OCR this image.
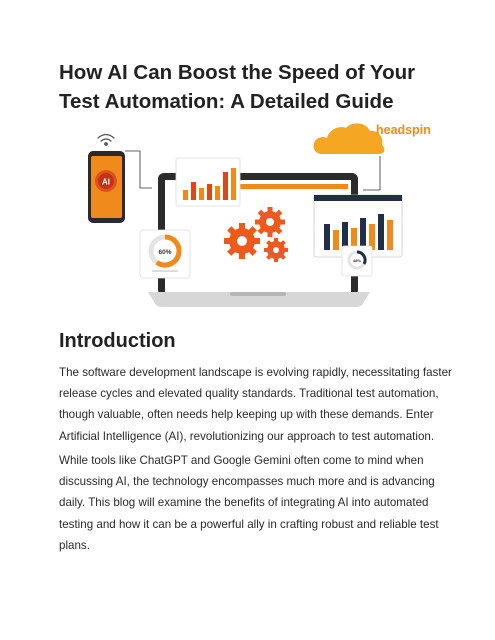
How AI Can Boost the Speed of Your
Test Automation: A Detailed Guide
headspin
AI
60%
48%
Introduction

The software development landscape is evolving rapidly, necessitating faster
release cycles and elevated quality standards. Traditional test automation,
though valuable, often needs help keeping up with these demands. Enter
Artificial Intelligence (AI), revolutionizing our approach to test automation.

While tools like ChatGPT and Google Gemini often come to mind when
discussing AI, the technology encompasses much more and is advancing
daily. This blog will examine the benefits of integrating AI into automated
testing and how it can be a powerful ally in crafting robust and reliable test
plans.
